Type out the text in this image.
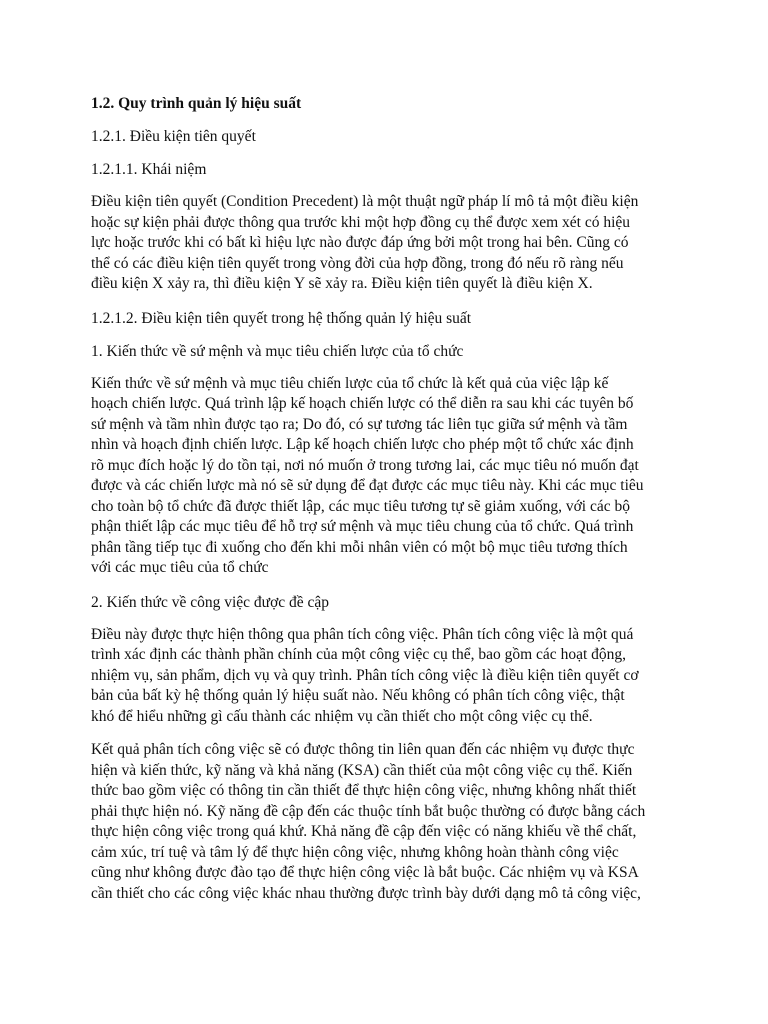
1.2. Quy trình quản lý hiệu suất
1.2.1. Điều kiện tiên quyết
1.2.1.1. Khái niệm
Điều kiện tiên quyết (Condition Precedent) là một thuật ngữ pháp lí mô tả một điều kiện
hoặc sự kiện phải được thông qua trước khi một hợp đồng cụ thể được xem xét có hiệu
lực hoặc trước khi có bất kì hiệu lực nào được đáp ứng bởi một trong hai bên. Cũng có
thể có các điều kiện tiên quyết trong vòng đời của hợp đồng, trong đó nếu rõ ràng nếu
điều kiện X xảy ra, thì điều kiện Y sẽ xảy ra. Điều kiện tiên quyết là điều kiện X.
1.2.1.2. Điều kiện tiên quyết trong hệ thống quản lý hiệu suất
1. Kiến thức về sứ mệnh và mục tiêu chiến lược của tổ chức
Kiến thức về sứ mệnh và mục tiêu chiến lược của tổ chức là kết quả của việc lập kế
hoạch chiến lược. Quá trình lập kế hoạch chiến lược có thể diễn ra sau khi các tuyên bố
sứ mệnh và tầm nhìn được tạo ra; Do đó, có sự tương tác liên tục giữa sứ mệnh và tầm
nhìn và hoạch định chiến lược. Lập kế hoạch chiến lược cho phép một tổ chức xác định
rõ mục đích hoặc lý do tồn tại, nơi nó muốn ở trong tương lai, các mục tiêu nó muốn đạt
được và các chiến lược mà nó sẽ sử dụng để đạt được các mục tiêu này. Khi các mục tiêu
cho toàn bộ tổ chức đã được thiết lập, các mục tiêu tương tự sẽ giảm xuống, với các bộ
phận thiết lập các mục tiêu để hỗ trợ sứ mệnh và mục tiêu chung của tổ chức. Quá trình
phân tầng tiếp tục đi xuống cho đến khi mỗi nhân viên có một bộ mục tiêu tương thích
với các mục tiêu của tổ chức
2. Kiến thức về công việc được đề cập
Điều này được thực hiện thông qua phân tích công việc. Phân tích công việc là một quá
trình xác định các thành phần chính của một công việc cụ thể, bao gồm các hoạt động,
nhiệm vụ, sản phẩm, dịch vụ và quy trình. Phân tích công việc là điều kiện tiên quyết cơ
bản của bất kỳ hệ thống quản lý hiệu suất nào. Nếu không có phân tích công việc, thật
khó để hiểu những gì cấu thành các nhiệm vụ cần thiết cho một công việc cụ thể.
Kết quả phân tích công việc sẽ có được thông tin liên quan đến các nhiệm vụ được thực
hiện và kiến thức, kỹ năng và khả năng (KSA) cần thiết của một công việc cụ thể. Kiến
thức bao gồm việc có thông tin cần thiết để thực hiện công việc, nhưng không nhất thiết
phải thực hiện nó. Kỹ năng đề cập đến các thuộc tính bắt buộc thường có được bằng cách
thực hiện công việc trong quá khứ. Khả năng đề cập đến việc có năng khiếu về thể chất,
cảm xúc, trí tuệ và tâm lý để thực hiện công việc, nhưng không hoàn thành công việc
cũng như không được đào tạo để thực hiện công việc là bắt buộc. Các nhiệm vụ và KSA
cần thiết cho các công việc khác nhau thường được trình bày dưới dạng mô tả công việc,
